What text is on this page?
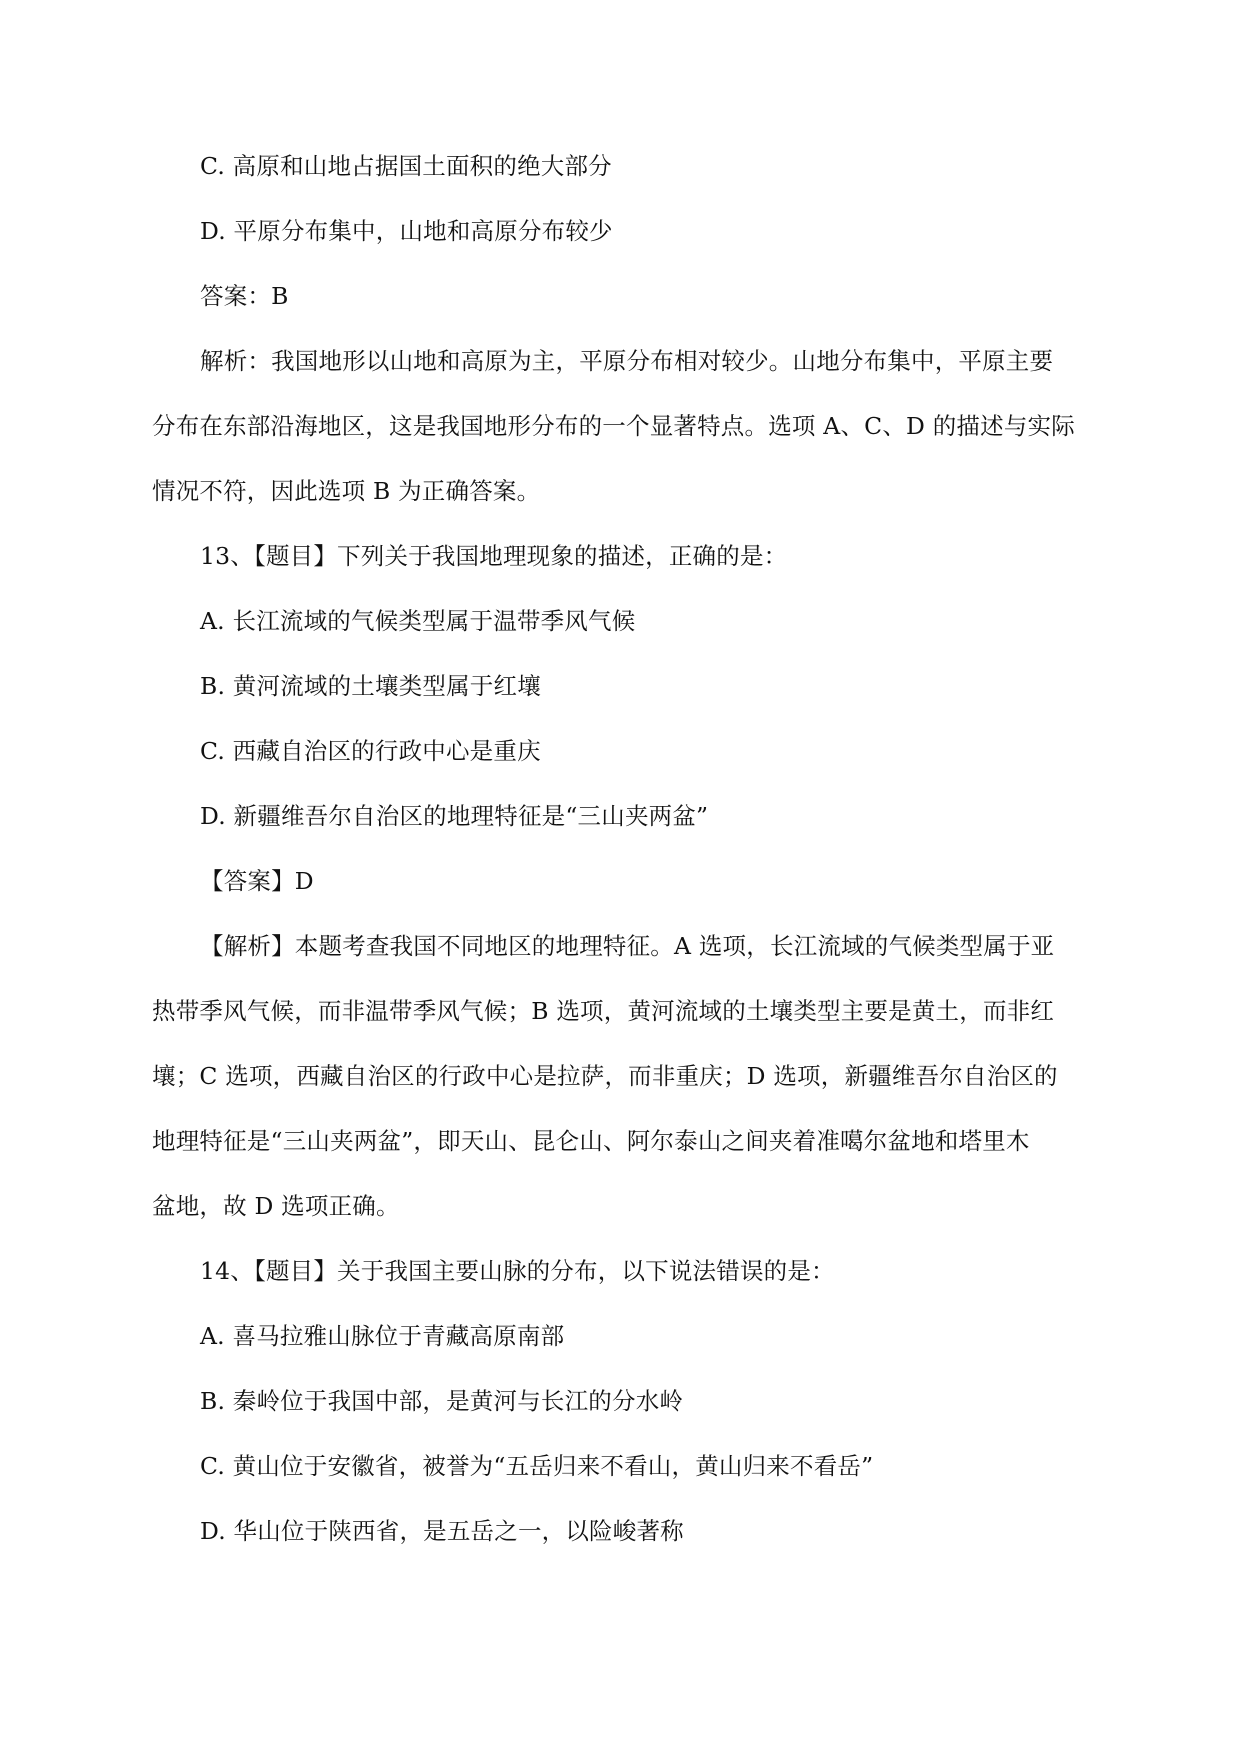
C. 高原和山地占据国土面积的绝大部分
D. 平原分布集中，山地和高原分布较少
答案：B
解析：我国地形以山地和高原为主，平原分布相对较少。山地分布集中，平原主要
分布在东部沿海地区，这是我国地形分布的一个显著特点。选项 A、C、D 的描述与实际
情况不符，因此选项 B 为正确答案。
13、【题目】下列关于我国地理现象的描述，正确的是：
A. 长江流域的气候类型属于温带季风气候
B. 黄河流域的土壤类型属于红壤
C. 西藏自治区的行政中心是重庆
D. 新疆维吾尔自治区的地理特征是“三山夹两盆”
【答案】D
【解析】本题考查我国不同地区的地理特征。A 选项，长江流域的气候类型属于亚
热带季风气候，而非温带季风气候；B 选项，黄河流域的土壤类型主要是黄土，而非红
壤；C 选项，西藏自治区的行政中心是拉萨，而非重庆；D 选项，新疆维吾尔自治区的
地理特征是“三山夹两盆”，即天山、昆仑山、阿尔泰山之间夹着准噶尔盆地和塔里木
盆地，故 D 选项正确。
14、【题目】关于我国主要山脉的分布，以下说法错误的是：
A. 喜马拉雅山脉位于青藏高原南部
B. 秦岭位于我国中部，是黄河与长江的分水岭
C. 黄山位于安徽省，被誉为“五岳归来不看山，黄山归来不看岳”
D. 华山位于陕西省，是五岳之一，以险峻著称
